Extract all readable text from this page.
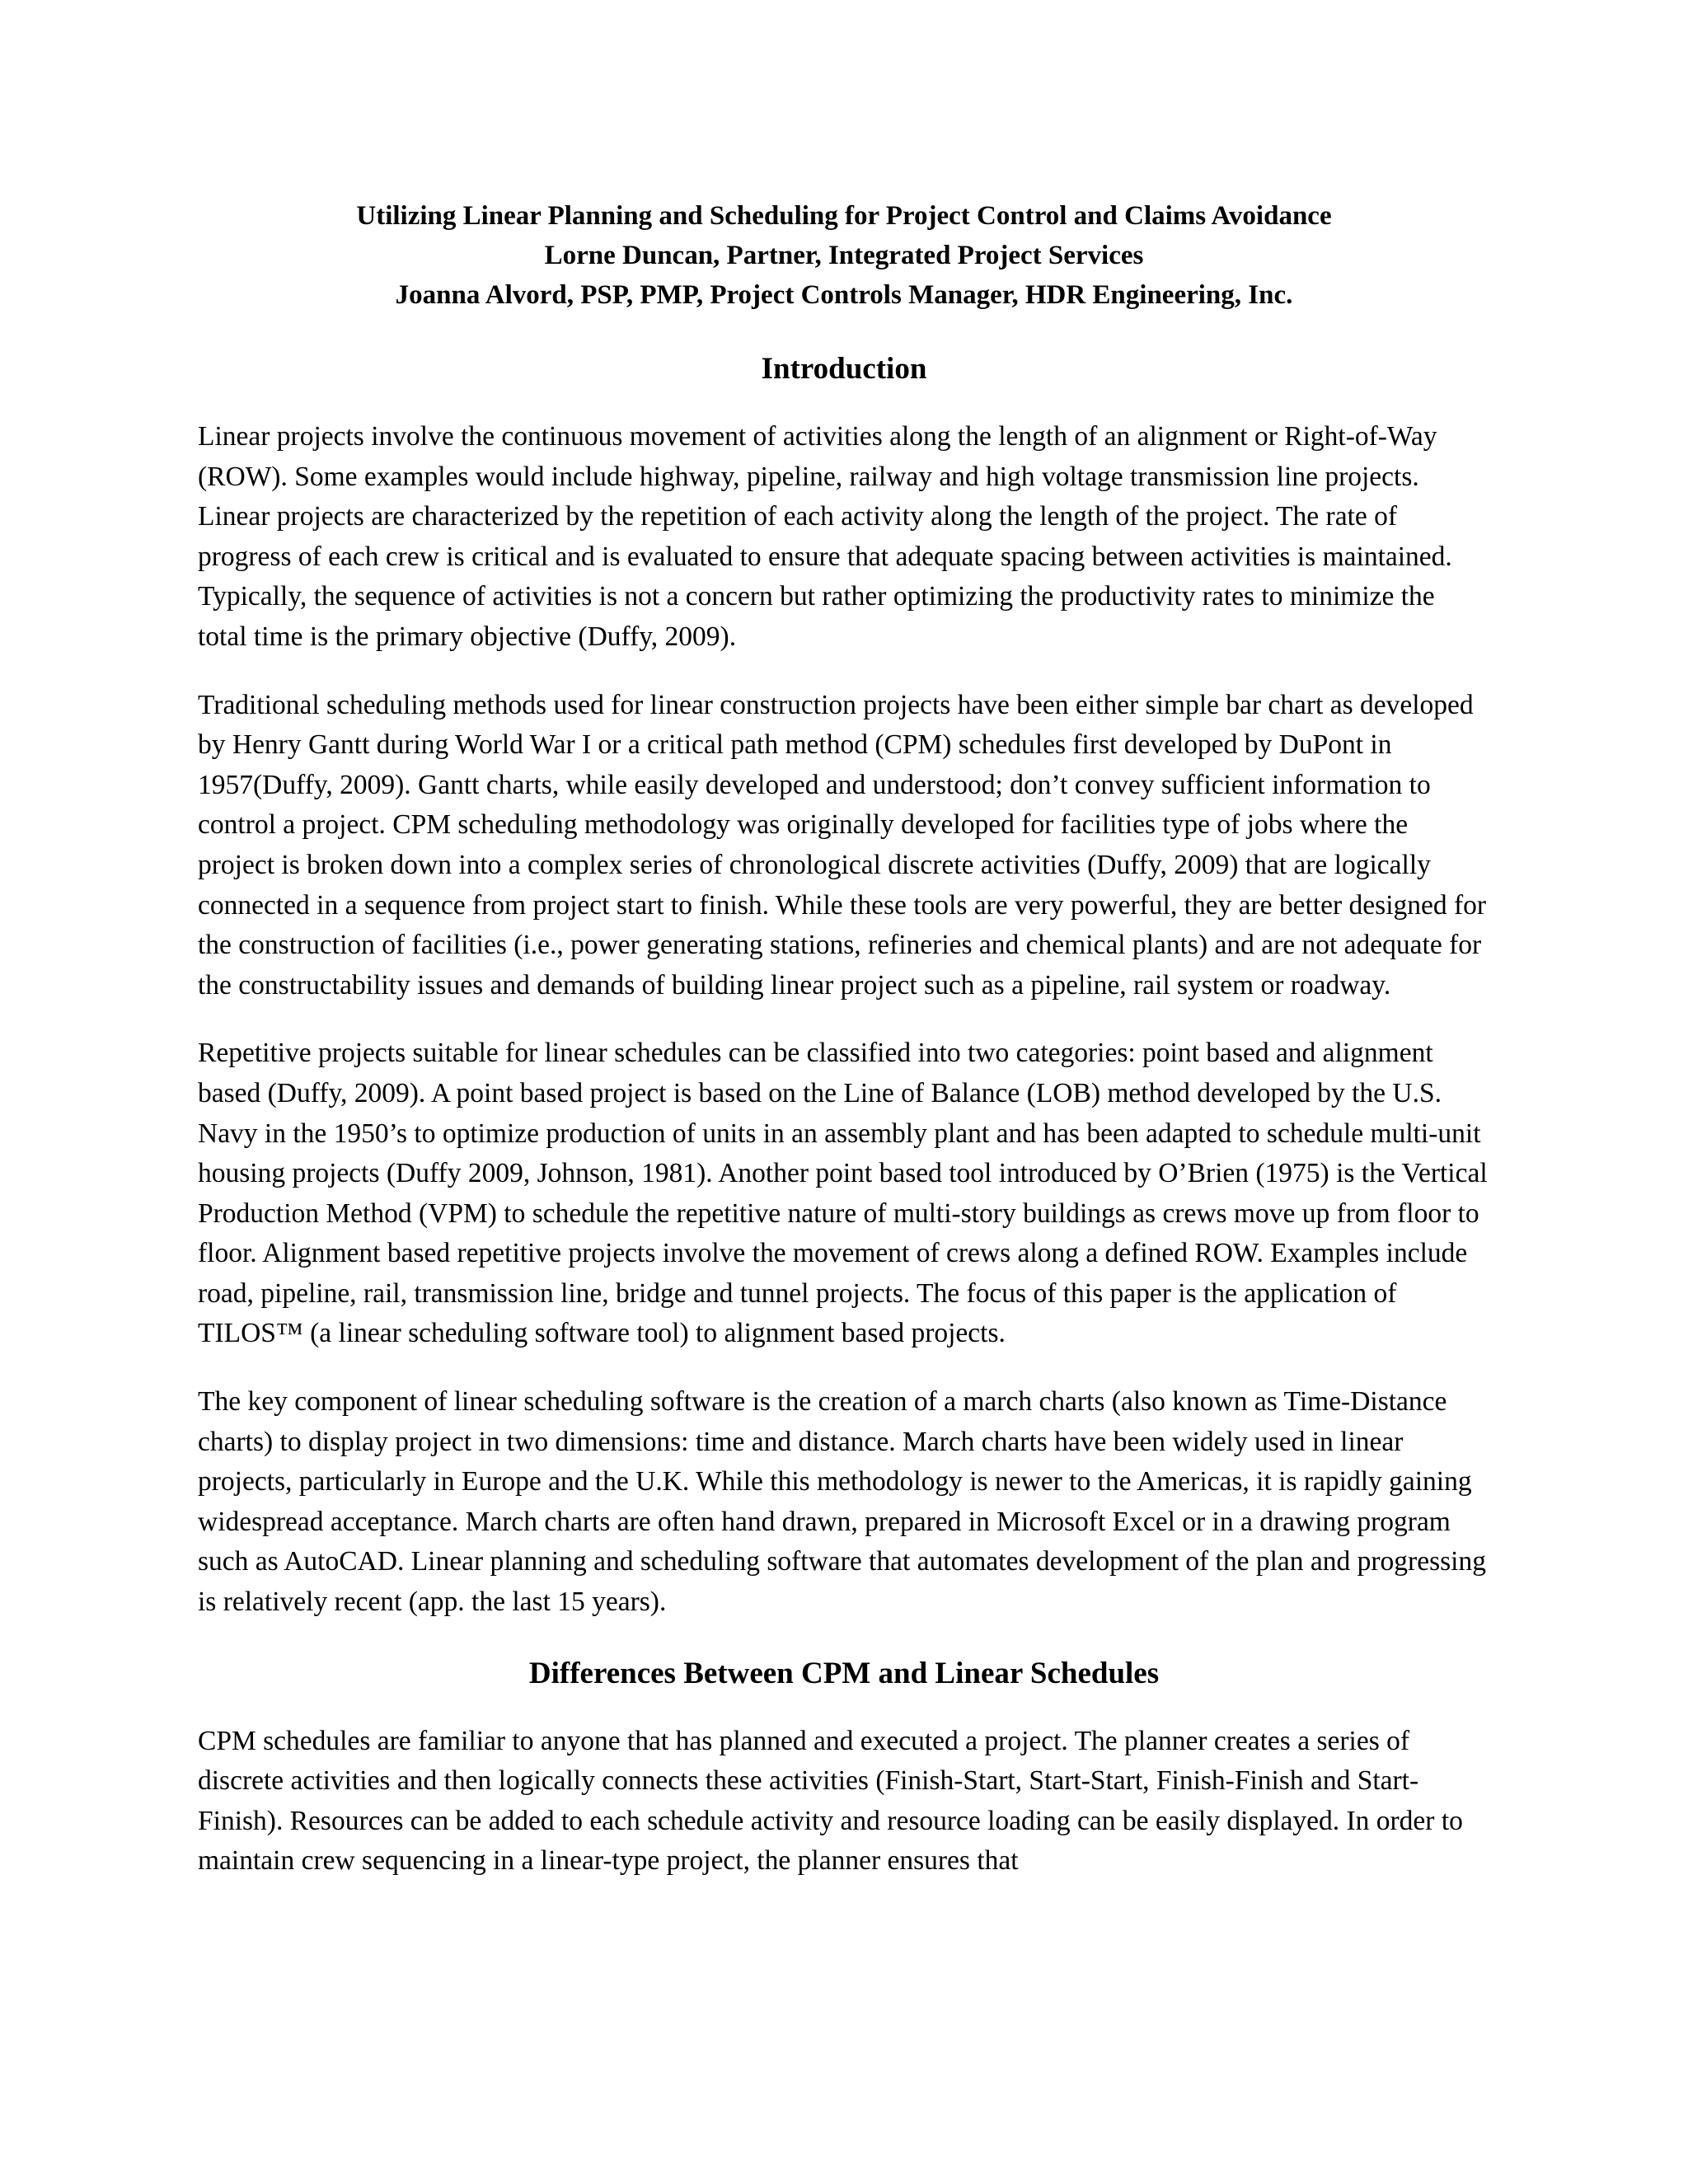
Utilizing Linear Planning and Scheduling for Project Control and Claims Avoidance
Lorne Duncan, Partner, Integrated Project Services
Joanna Alvord, PSP, PMP, Project Controls Manager, HDR Engineering, Inc.
Introduction

Linear projects involve the continuous movement of activities along the length of an alignment or Right-of-Way (ROW). Some examples would include highway, pipeline, railway and high voltage transmission line projects. Linear projects are characterized by the repetition of each activity along the length of the project. The rate of progress of each crew is critical and is evaluated to ensure that adequate spacing between activities is maintained. Typically, the sequence of activities is not a concern but rather optimizing the productivity rates to minimize the total time is the primary objective (Duffy, 2009).

Traditional scheduling methods used for linear construction projects have been either simple bar chart as developed by Henry Gantt during World War I or a critical path method (CPM) schedules first developed by DuPont in 1957(Duffy, 2009). Gantt charts, while easily developed and understood; don’t convey sufficient information to control a project. CPM scheduling methodology was originally developed for facilities type of jobs where the project is broken down into a complex series of chronological discrete activities (Duffy, 2009) that are logically connected in a sequence from project start to finish. While these tools are very powerful, they are better designed for the construction of facilities (i.e., power generating stations, refineries and chemical plants) and are not adequate for the constructability issues and demands of building linear project such as a pipeline, rail system or roadway.

Repetitive projects suitable for linear schedules can be classified into two categories: point based and alignment based (Duffy, 2009). A point based project is based on the Line of Balance (LOB) method developed by the U.S. Navy in the 1950’s to optimize production of units in an assembly plant and has been adapted to schedule multi-unit housing projects (Duffy 2009, Johnson, 1981). Another point based tool introduced by O’Brien (1975) is the Vertical Production Method (VPM) to schedule the repetitive nature of multi-story buildings as crews move up from floor to floor. Alignment based repetitive projects involve the movement of crews along a defined ROW. Examples include road, pipeline, rail, transmission line, bridge and tunnel projects. The focus of this paper is the application of TILOS™ (a linear scheduling software tool) to alignment based projects.

The key component of linear scheduling software is the creation of a march charts (also known as Time-Distance charts) to display project in two dimensions: time and distance. March charts have been widely used in linear projects, particularly in Europe and the U.K. While this methodology is newer to the Americas, it is rapidly gaining widespread acceptance. March charts are often hand drawn, prepared in Microsoft Excel or in a drawing program such as AutoCAD. Linear planning and scheduling software that automates development of the plan and progressing is relatively recent (app. the last 15 years).

Differences Between CPM and Linear Schedules

CPM schedules are familiar to anyone that has planned and executed a project. The planner creates a series of discrete activities and then logically connects these activities (Finish-Start, Start-Start, Finish-Finish and Start-Finish). Resources can be added to each schedule activity and resource loading can be easily displayed. In order to maintain crew sequencing in a linear-type project, the planner ensures that
